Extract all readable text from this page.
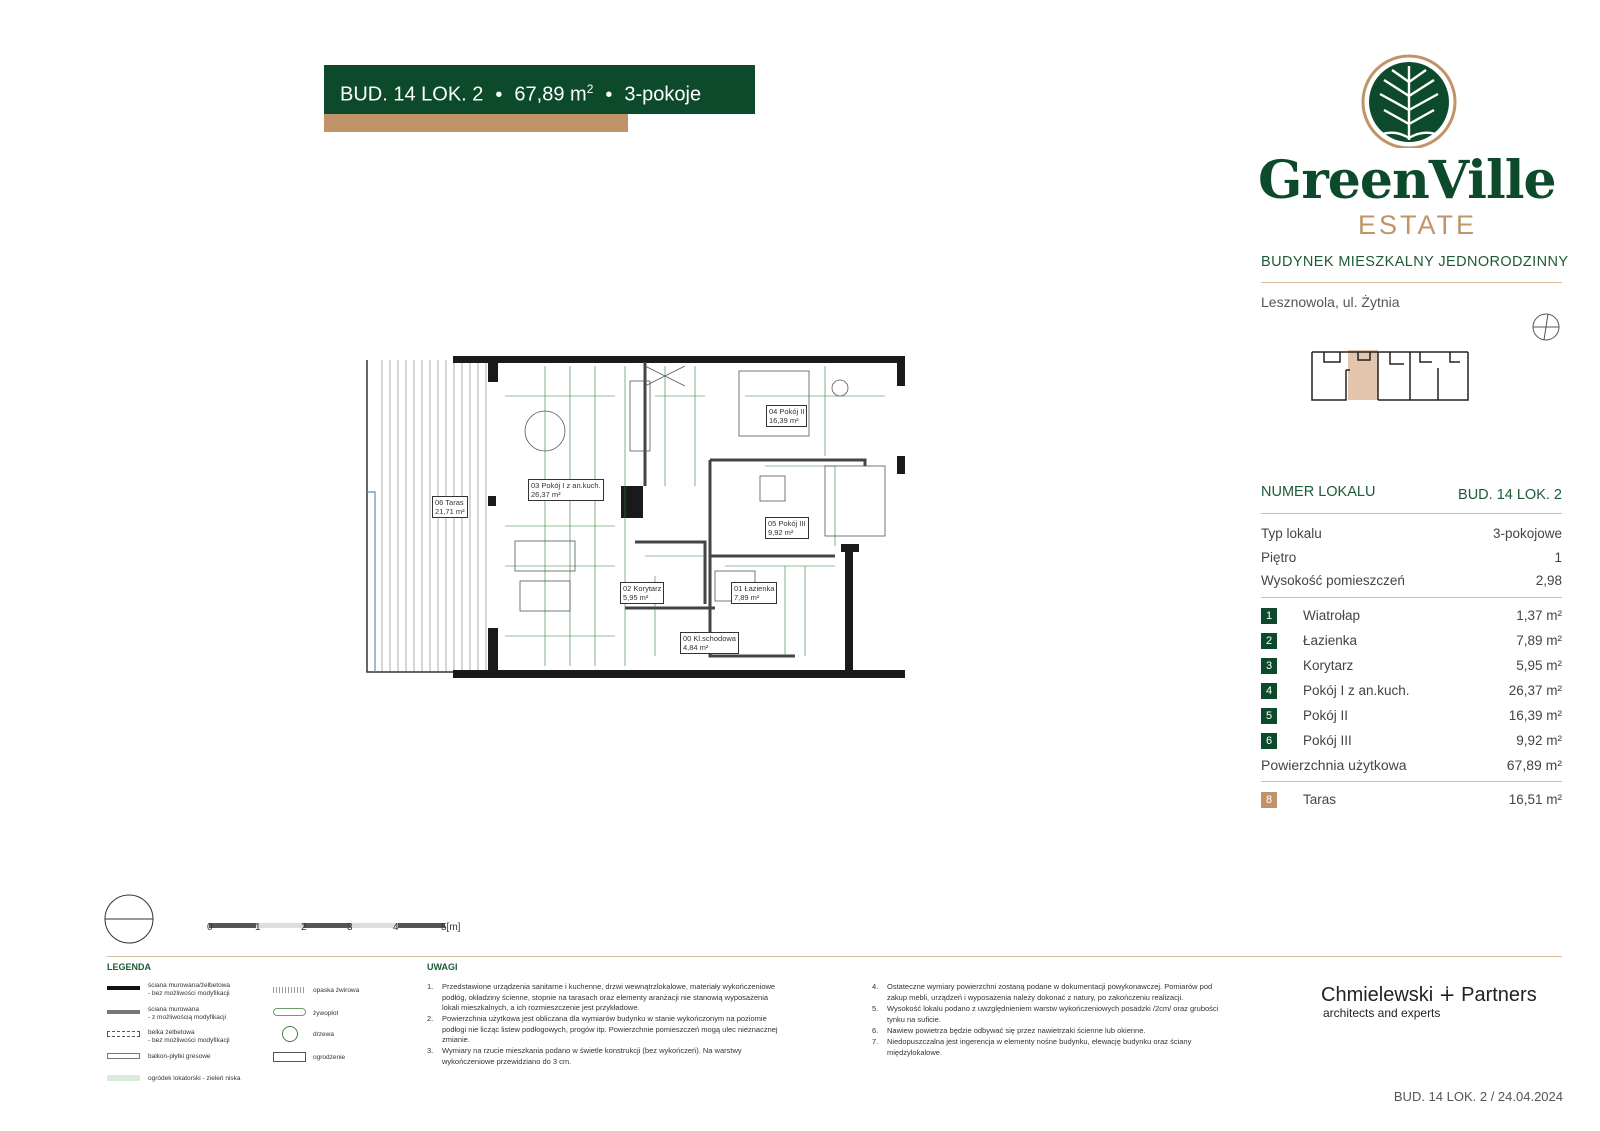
BUD. 14 LOK. 2 • 67,89 $m^2$ • 3-pokoje
GreenVille
ESTATE
BUDYNEK MIESZKALNY JEDNORODZINNY
Lesznowola, ul. Żytnia
NUMER LOKALU	BUD. 14 LOK. 2
Typ lokalu	3-pokojowe
Piętro	1
Wysokość pomieszczeń	2,98
1	Wiatrołap	1,37 m²
2	Łazienka	7,89 m²
3	Korytarz	5,95 m²
4	Pokój I z an.kuch.	26,37 m²
5	Pokój II	16,39 m²
6	Pokój III	9,92 m²
Powierzchnia użytkowa	67,89 m²
8	Taras	16,51 m²
06 Taras
21,71 m²
03 Pokój I z an.kuch.
26,37 m²
04 Pokój II
16,39 m²
05 Pokój III
9,92 m²
02 Korytarz
5,95 m²
01 Łazienka
7,89 m²
00 Kl.schodowa
4,84 m²
0	1	2	3	4	5[m]
LEGENDA
ściana murowana/żelbetowa
- bez możliwości modyfikacji
ściana murowana
- z możliwością modyfikacji
belka żelbetowa
- bez możliwości modyfikacji
balkon-płytki gresowe
ogródek lokatorski - zieleń niska
opaska żwirowa
żywopłot
drzewa
ogrodzenie
UWAGI
1.	Przedstawione urządzenia sanitarne i kuchenne, drzwi wewnątrzlokalowe, materiały wykończeniowe podłóg, okładziny ścienne, stopnie na tarasach oraz elementy aranżacji nie stanowią wyposażenia lokali mieszkalnych, a ich rozmieszczenie jest przykładowe.
2.	Powierzchnia użytkowa jest obliczana dla wymiarów budynku w stanie wykończonym na poziomie podłogi nie licząc listew podłogowych, progów itp. Powierzchnie pomieszczeń mogą ulec nieznacznej zmianie.
3.	Wymiary na rzucie mieszkania podano w świetle konstrukcji (bez wykończeń). Na warstwy wykończeniowe przewidziano do 3 cm.
4.	Ostateczne wymiary powierzchni zostaną podane w dokumentacji powykonawczej. Pomiarów pod zakup mebli, urządzeń i wyposażenia należy dokonać z natury, po zakończeniu realizacji.
5.	Wysokość lokalu podano z uwzględnieniem warstw wykończeniowych posadzki /2cm/ oraz grubości tynku na suficie.
6.	Nawiew powietrza będzie odbywać się przez nawietrzaki ścienne lub okienne.
7.	Niedopuszczalna jest ingerencja w elementy nośne budynku, elewację budynku oraz ściany międzylokalowe.
Chmielewski ∔ Partners
architects and experts
BUD. 14 LOK. 2 / 24.04.2024
